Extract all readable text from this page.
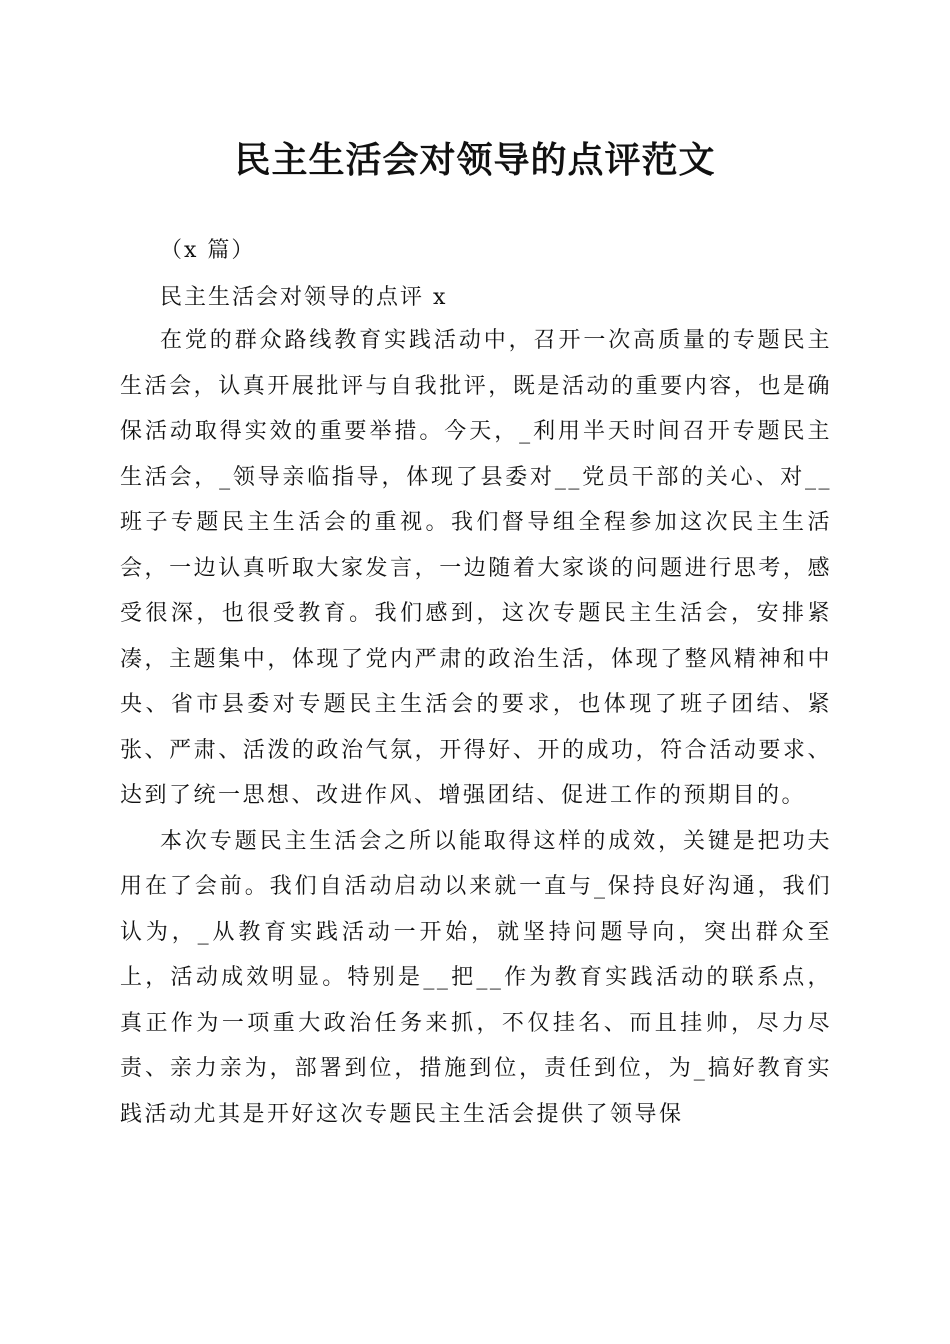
民主生活会对领导的点评范文
（x 篇）
民主生活会对领导的点评 x

在党的群众路线教育实践活动中，召开一次高质量的专题民主生活会，认真开展批评与自我批评，既是活动的重要内容，也是确保活动取得实效的重要举措。今天，_利用半天时间召开专题民主生活会，_领导亲临指导，体现了县委对__党员干部的关心、对__班子专题民主生活会的重视。我们督导组全程参加这次民主生活会，一边认真听取大家发言，一边随着大家谈的问题进行思考，感受很深，也很受教育。我们感到，这次专题民主生活会，安排紧凑，主题集中，体现了党内严肃的政治生活，体现了整风精神和中央、省市县委对专题民主生活会的要求，也体现了班子团结、紧张、严肃、活泼的政治气氛，开得好、开的成功，符合活动要求、达到了统一思想、改进作风、增强团结、促进工作的预期目的。

本次专题民主生活会之所以能取得这样的成效，关键是把功夫用在了会前。我们自活动启动以来就一直与_保持良好沟通，我们认为，_从教育实践活动一开始，就坚持问题导向，突出群众至上，活动成效明显。特别是__把__作为教育实践活动的联系点，真正作为一项重大政治任务来抓，不仅挂名、而且挂帅，尽力尽责、亲力亲为，部署到位，措施到位，责任到位，为_搞好教育实践活动尤其是开好这次专题民主生活会提供了领导保
